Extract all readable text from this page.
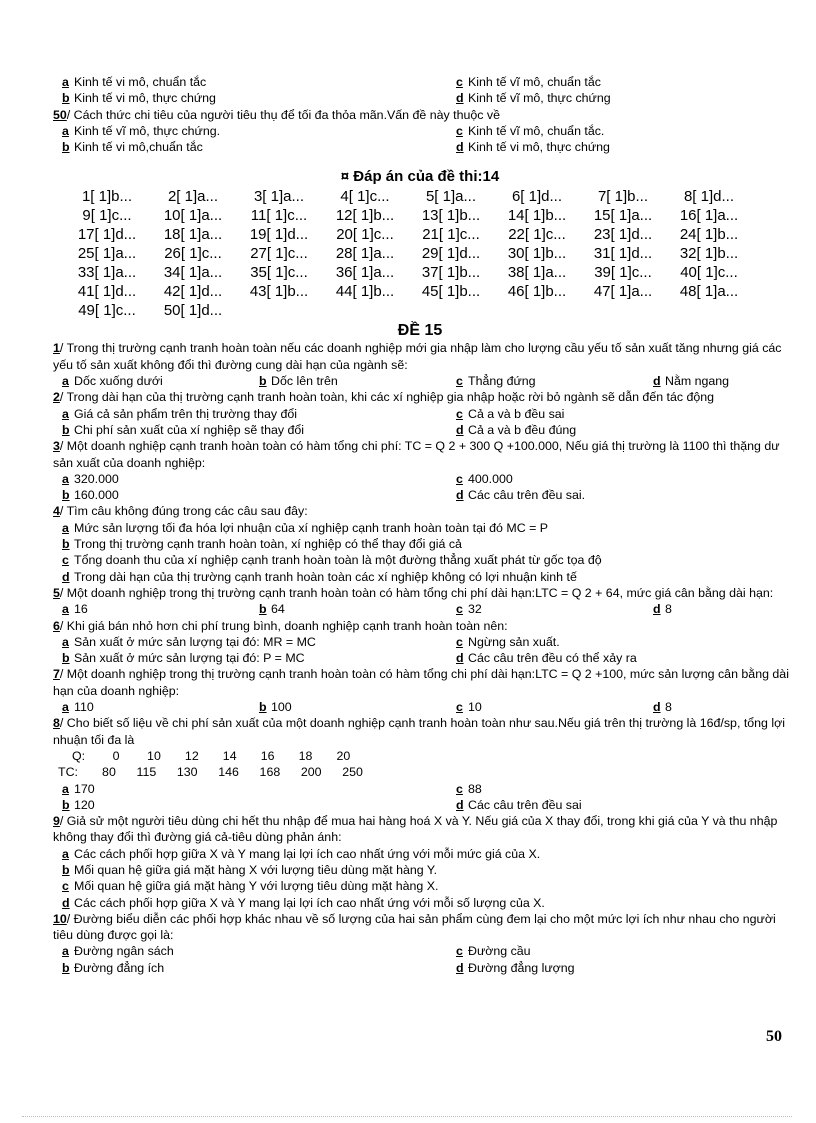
a Kinh tế vi mô, chuẩn tắc	c Kinh tế vĩ mô, chuẩn tắc
b Kinh tế vi mô, thực chứng	d Kinh tế vĩ mô, thực chứng
50/ Cách thức chi tiêu của người tiêu thụ để tối đa thỏa mãn.Vấn đề này thuộc về
a Kinh tế vĩ mô, thực chứng.	c Kinh tế vĩ mô, chuẩn tắc.
b Kinh tế vi mô,chuẩn tắc	d Kinh tế vi mô, thực chứng
¤ Đáp án của đề thi:14
1[ 1]b...	2[ 1]a...	3[ 1]a...	4[ 1]c...	5[ 1]a...	6[ 1]d...	7[ 1]b...	8[ 1]d...
9[ 1]c...	10[ 1]a...	11[ 1]c...	12[ 1]b...	13[ 1]b...	14[ 1]b...	15[ 1]a...	16[ 1]a...
17[ 1]d...	18[ 1]a...	19[ 1]d...	20[ 1]c...	21[ 1]c...	22[ 1]c...	23[ 1]d...	24[ 1]b...
25[ 1]a...	26[ 1]c...	27[ 1]c...	28[ 1]a...	29[ 1]d...	30[ 1]b...	31[ 1]d...	32[ 1]b...
33[ 1]a...	34[ 1]a...	35[ 1]c...	36[ 1]a...	37[ 1]b...	38[ 1]a...	39[ 1]c...	40[ 1]c...
41[ 1]d...	42[ 1]d...	43[ 1]b...	44[ 1]b...	45[ 1]b...	46[ 1]b...	47[ 1]a...	48[ 1]a...
49[ 1]c...	50[ 1]d...
ĐỀ 15
1/ Trong thị trường cạnh tranh hoàn toàn nếu các doanh nghiệp mới gia nhập làm cho lượng cầu yếu tố sản xuất tăng nhưng giá các yếu tố sản xuất không đổi thì đường cung dài hạn của ngành sẽ:
a Dốc xuống dưới	b Dốc lên trên	c Thẳng đứng	d Nằm ngang
2/ Trong dài hạn của thị trường cạnh tranh hoàn toàn, khi các xí nghiệp gia nhập hoặc rời bỏ ngành sẽ dẫn đến tác động
a Giá cả sản phẩm trên thị trường thay đổi	c Cả a và b đều sai
b Chi phí sản xuất của xí nghiệp sẽ thay đổi	d Cả a và b đều đúng
3/ Một doanh nghiệp cạnh tranh hoàn toàn có hàm tổng chi phí: TC = Q 2 + 300 Q +100.000, Nếu giá thị trường là 1100 thì thặng dư sản xuất của doanh nghiệp:
a 320.000	c 400.000
b 160.000	d Các câu trên đều sai.
4/ Tìm câu không đúng trong các câu sau đây:
a Mức sản lượng tối đa hóa lợi nhuận của xí nghiệp cạnh tranh hoàn toàn tại đó MC = P
b Trong thị trường cạnh tranh hoàn toàn, xí nghiệp có thể thay đổi giá cả
c Tổng doanh thu của xí nghiệp cạnh tranh hoàn toàn là một đường thẳng xuất phát từ gốc tọa độ
d Trong dài hạn của thị trường cạnh tranh hoàn toàn các xí nghiệp không có lợi nhuận kinh tế
5/ Một doanh nghiệp trong thị trường cạnh tranh hoàn toàn có hàm tổng chi phí dài hạn:LTC = Q 2 + 64, mức giá cân bằng dài hạn:
a 16	b 64	c 32	d 8
6/ Khi giá bán nhỏ hơn chi phí trung bình, doanh nghiệp cạnh tranh hoàn toàn nên:
a Sản xuất ở mức sản lượng tại đó: MR = MC	c Ngừng sản xuất.
b Sản xuất ở mức sản lượng tại đó: P = MC	d Các câu trên đều có thể xảy ra
7/ Một doanh nghiệp trong thị trường cạnh tranh hoàn toàn có hàm tổng chi phí dài hạn:LTC = Q 2 +100, mức sản lượng cân bằng dài hạn của doanh nghiệp:
a 110	b 100	c 10	d 8
8/ Cho biết số liệu về chi phí sản xuất của một doanh nghiệp cạnh tranh hoàn toàn như sau.Nếu giá trên thị trường là 16đ/sp, tổng lợi nhuận tối đa là
Q:        0        10       12       14       16       18       20
TC:       80      115      130      146      168      200      250
a 170	c 88
b 120	d Các câu trên đều sai
9/ Giả sử một người tiêu dùng chi hết thu nhập để mua hai hàng hoá X và Y. Nếu giá của X thay đổi, trong khi giá của Y và thu nhập không thay đổi thì đường giá cả-tiêu dùng phản ánh:
a Các cách phối hợp giữa X và Y mang lại lợi ích cao nhất ứng với mỗi mức giá của X.
b Mối quan hệ giữa giá mặt hàng X với lượng tiêu dùng mặt hàng Y.
c Mối quan hệ giữa giá mặt hàng Y với lượng tiêu dùng mặt hàng X.
d Các cách phối hợp giữa X và Y mang lại lợi ích cao nhất ứng với mỗi số lượng của X.
10/ Đường biểu diễn các phối hợp khác nhau về số lượng của hai sản phẩm cùng đem lại cho một mức lợi ích như nhau cho người tiêu dùng được gọi là:
a Đường ngân sách	c Đường cầu
b Đường đẳng ích	d Đường đẳng lượng
50
